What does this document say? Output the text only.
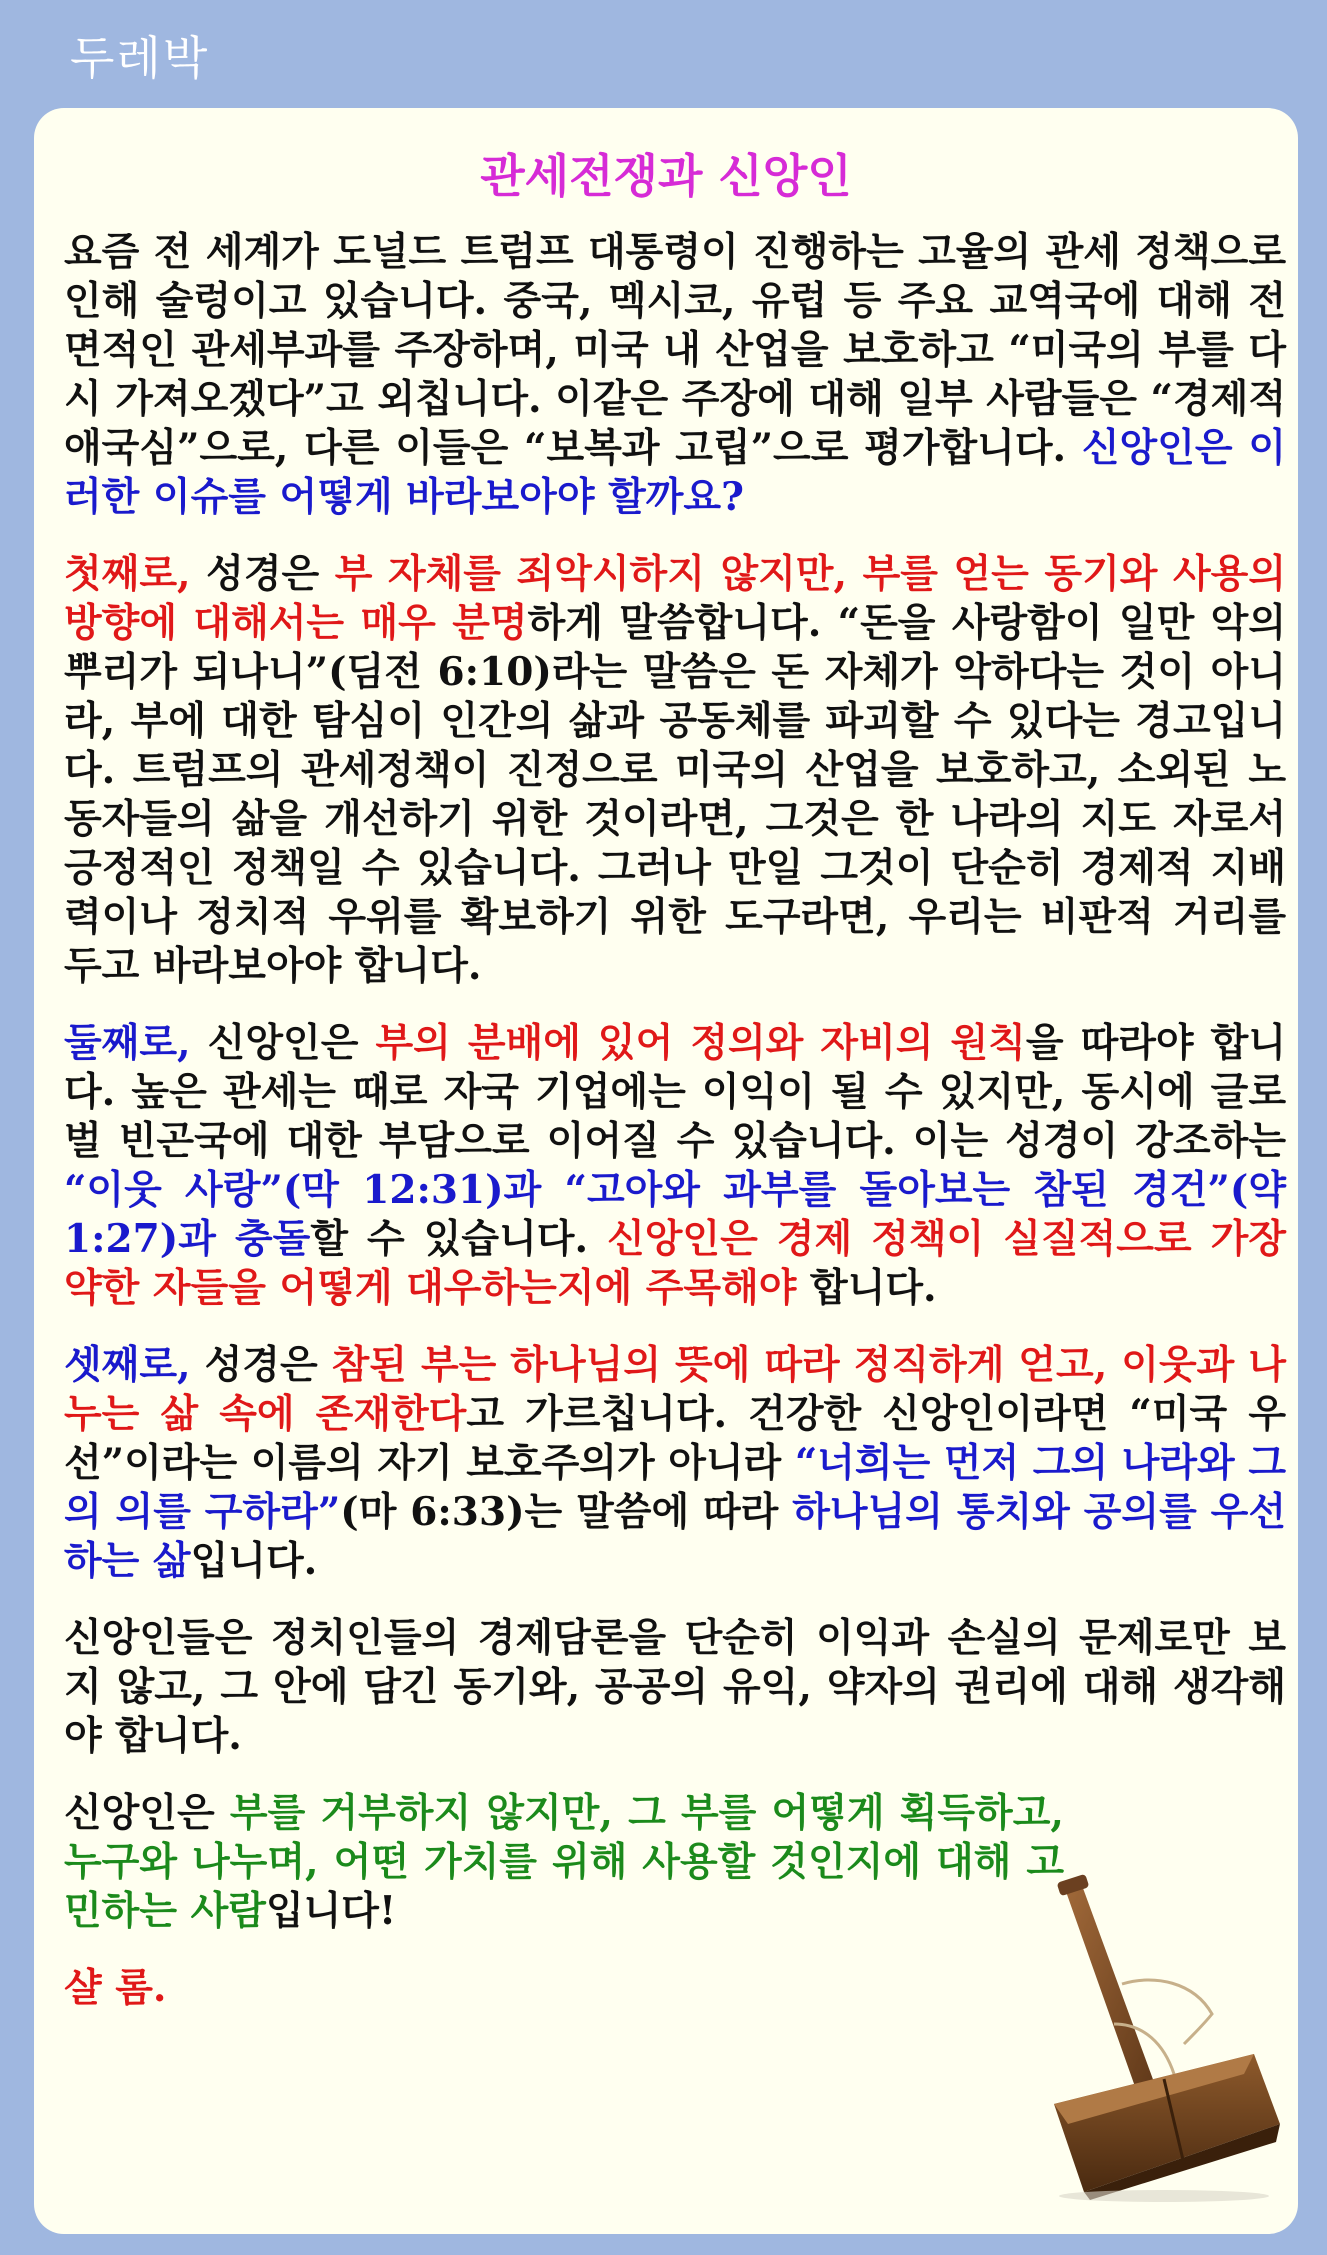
두레박
관세전쟁과 신앙인

요즘 전 세계가 도널드 트럼프 대통령이 진행하는 고율의 관세 정책으로 인해 술렁이고 있습니다. 중국, 멕시코, 유럽 등 주요 교역국에 대해 전면적인 관세부과를 주장하며, 미국 내 산업을 보호하고 “미국의 부를 다시 가져오겠다”고 외칩니다. 이같은 주장에 대해 일부 사람들은 “경제적 애국심”으로, 다른 이들은 “보복과 고립”으로 평가합니다. 신앙인은 이러한 이슈를 어떻게 바라보아야 할까요?

첫째로, 성경은 부 자체를 죄악시하지 않지만, 부를 얻는 동기와 사용의 방향에 대해서는 매우 분명하게 말씀합니다. “돈을 사랑함이 일만 악의 뿌리가 되나니”(딤전 6:10)라는 말씀은 돈 자체가 악하다는 것이 아니라, 부에 대한 탐심이 인간의 삶과 공동체를 파괴할 수 있다는 경고입니다. 트럼프의 관세정책이 진정으로 미국의 산업을 보호하고, 소외된 노동자들의 삶을 개선하기 위한 것이라면, 그것은 한 나라의 지도 자로서 긍정적인 정책일 수 있습니다. 그러나 만일 그것이 단순히 경제적 지배력이나 정치적 우위를 확보하기 위한 도구라면, 우리는 비판적 거리를 두고 바라보아야 합니다.

둘째로, 신앙인은 부의 분배에 있어 정의와 자비의 원칙을 따라야 합니다. 높은 관세는 때로 자국 기업에는 이익이 될 수 있지만, 동시에 글로벌 빈곤국에 대한 부담으로 이어질 수 있습니다. 이는 성경이 강조하는 “이웃 사랑”(막 12:31)과 “고아와 과부를 돌아보는 참된 경건”(약 1:27)과 충돌할 수 있습니다. 신앙인은 경제 정책이 실질적으로 가장 약한 자들을 어떻게 대우하는지에 주목해야 합니다.

셋째로, 성경은 참된 부는 하나님의 뜻에 따라 정직하게 얻고, 이웃과 나누는 삶 속에 존재한다고 가르칩니다. 건강한 신앙인이라면 “미국 우선”이라는 이름의 자기 보호주의가 아니라 “너희는 먼저 그의 나라와 그의 의를 구하라”(마 6:33)는 말씀에 따라 하나님의 통치와 공의를 우선하는 삶입니다.

신앙인들은 정치인들의 경제담론을 단순히 이익과 손실의 문제로만 보지 않고, 그 안에 담긴 동기와, 공공의 유익, 약자의 권리에 대해 생각해야 합니다.

신앙인은 부를 거부하지 않지만, 그 부를 어떻게 획득하고, 누구와 나누며, 어떤 가치를 위해 사용할 것인지에 대해 고민하는 사람입니다!

샬 롬.
